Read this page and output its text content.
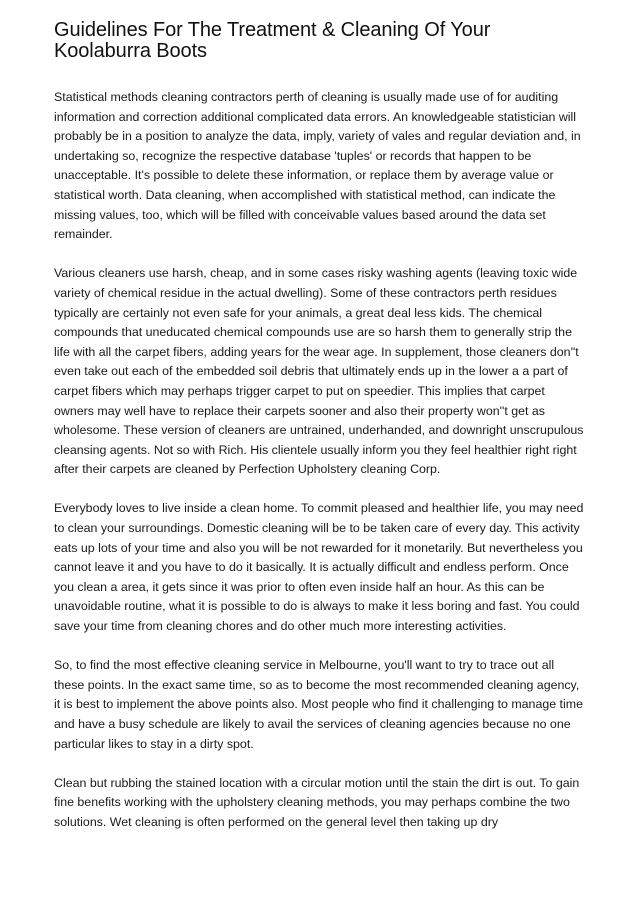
Guidelines For The Treatment & Cleaning Of Your Koolaburra Boots

Statistical methods cleaning contractors perth of cleaning is usually made use of for auditing information and correction additional complicated data errors. An knowledgeable statistician will probably be in a position to analyze the data, imply, variety of vales and regular deviation and, in undertaking so, recognize the respective database 'tuples' or records that happen to be unacceptable. It's possible to delete these information, or replace them by average value or statistical worth. Data cleaning, when accomplished with statistical method, can indicate the missing values, too, which will be filled with conceivable values based around the data set remainder.

Various cleaners use harsh, cheap, and in some cases risky washing agents (leaving toxic wide variety of chemical residue in the actual dwelling). Some of these contractors perth residues typically are certainly not even safe for your animals, a great deal less kids. The chemical compounds that uneducated chemical compounds use are so harsh them to generally strip the life with all the carpet fibers, adding years for the wear age. In supplement, those cleaners don''t even take out each of the embedded soil debris that ultimately ends up in the lower a a part of carpet fibers which may perhaps trigger carpet to put on speedier. This implies that carpet owners may well have to replace their carpets sooner and also their property won''t get as wholesome. These version of cleaners are untrained, underhanded, and downright unscrupulous cleansing agents. Not so with Rich. His clientele usually inform you they feel healthier right right after their carpets are cleaned by Perfection Upholstery cleaning Corp.

Everybody loves to live inside a clean home. To commit pleased and healthier life, you may need to clean your surroundings. Domestic cleaning will be to be taken care of every day. This activity eats up lots of your time and also you will be not rewarded for it monetarily. But nevertheless you cannot leave it and you have to do it basically. It is actually difficult and endless perform. Once you clean a area, it gets since it was prior to often even inside half an hour. As this can be unavoidable routine, what it is possible to do is always to make it less boring and fast. You could save your time from cleaning chores and do other much more interesting activities.

So, to find the most effective cleaning service in Melbourne, you'll want to try to trace out all these points. In the exact same time, so as to become the most recommended cleaning agency, it is best to implement the above points also. Most people who find it challenging to manage time and have a busy schedule are likely to avail the services of cleaning agencies because no one particular likes to stay in a dirty spot.

Clean but rubbing the stained location with a circular motion until the stain the dirt is out. To gain fine benefits working with the upholstery cleaning methods, you may perhaps combine the two solutions. Wet cleaning is often performed on the general level then taking up dry
